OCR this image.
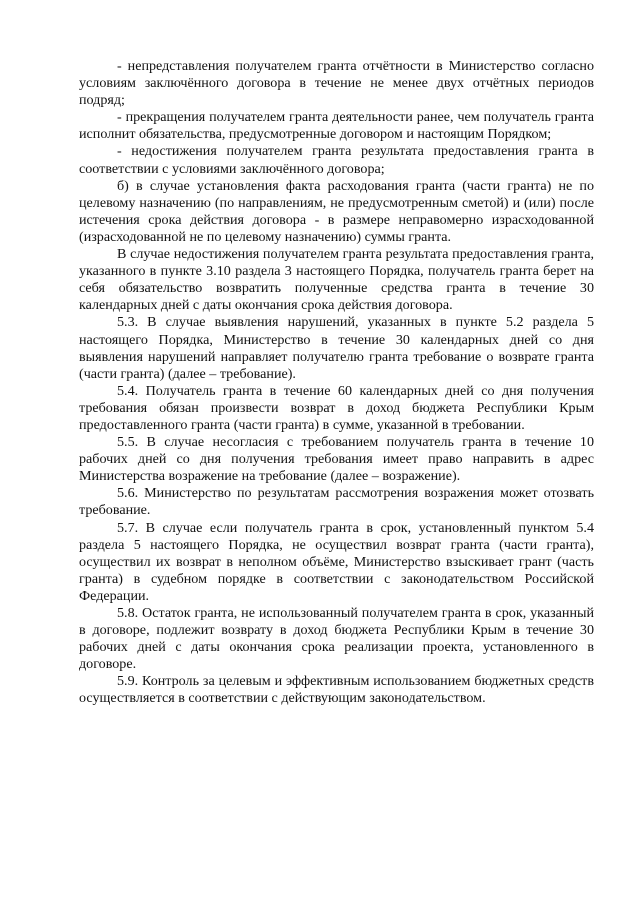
- непредставления получателем гранта отчётности в Министерство согласно условиям заключённого договора в течение не менее двух отчётных периодов подряд;

- прекращения получателем гранта деятельности ранее, чем получатель гранта исполнит обязательства, предусмотренные договором и настоящим Порядком;

- недостижения получателем гранта результата предоставления гранта в соответствии с условиями заключённого договора;

б) в случае установления факта расходования гранта (части гранта) не по целевому назначению (по направлениям, не предусмотренным сметой) и (или) после истечения срока действия договора - в размере неправомерно израсходованной (израсходованной не по целевому назначению) суммы гранта.

В случае недостижения получателем гранта результата предоставления гранта, указанного в пункте 3.10 раздела 3 настоящего Порядка, получатель гранта берет на себя обязательство возвратить полученные средства гранта в течение 30 календарных дней с даты окончания срока действия договора.

5.3. В случае выявления нарушений, указанных в пункте 5.2 раздела 5 настоящего Порядка, Министерство в течение 30 календарных дней со дня выявления нарушений направляет получателю гранта требование о возврате гранта (части гранта) (далее – требование).

5.4. Получатель гранта в течение 60 календарных дней со дня получения требования обязан произвести возврат в доход бюджета Республики Крым предоставленного гранта (части гранта) в сумме, указанной в требовании.

5.5. В случае несогласия с требованием получатель гранта в течение 10 рабочих дней со дня получения требования имеет право направить в адрес Министерства возражение на требование (далее – возражение).

5.6. Министерство по результатам рассмотрения возражения может отозвать требование.

5.7. В случае если получатель гранта в срок, установленный пунктом 5.4 раздела 5 настоящего Порядка, не осуществил возврат гранта (части гранта), осуществил их возврат в неполном объёме, Министерство взыскивает грант (часть гранта) в судебном порядке в соответствии с законодательством Российской Федерации.

5.8. Остаток гранта, не использованный получателем гранта в срок, указанный в договоре, подлежит возврату в доход бюджета Республики Крым в течение 30 рабочих дней с даты окончания срока реализации проекта, установленного в договоре.

5.9. Контроль за целевым и эффективным использованием бюджетных средств осуществляется в соответствии с действующим законодательством.
